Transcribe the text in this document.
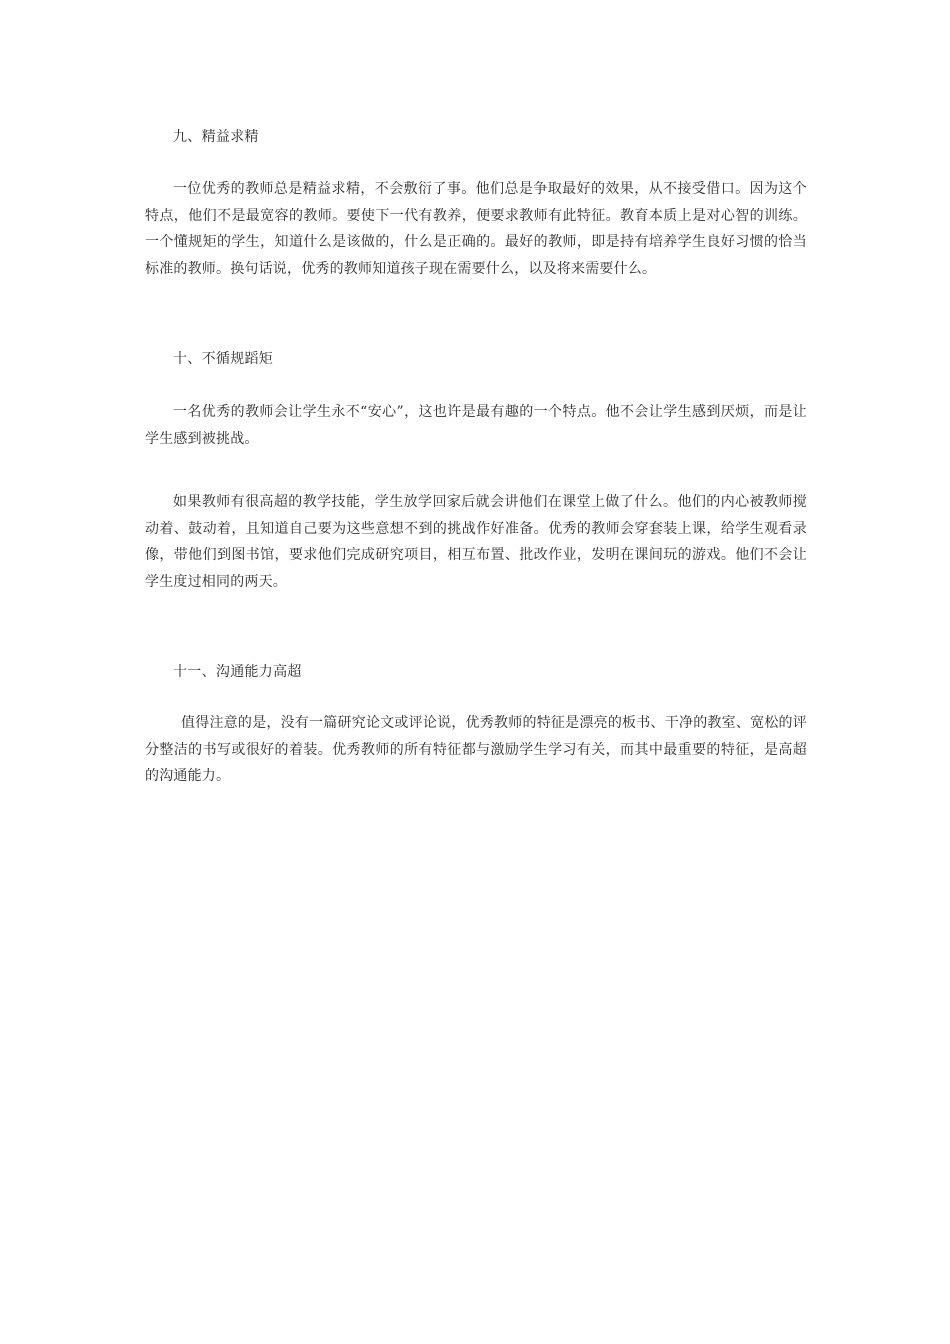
九、精益求精
一位优秀的教师总是精益求精，不会敷衍了事。他们总是争取最好的效果，从不接受借口。因为这个特点，他们不是最宽容的教师。要使下一代有教养，便要求教师有此特征。教育本质上是对心智的训练。一个懂规矩的学生，知道什么是该做的，什么是正确的。最好的教师，即是持有培养学生良好习惯的恰当标准的教师。换句话说，优秀的教师知道孩子现在需要什么，以及将来需要什么。
十、不循规蹈矩
一名优秀的教师会让学生永不“安心”，这也许是最有趣的一个特点。他不会让学生感到厌烦，而是让学生感到被挑战。
如果教师有很高超的教学技能，学生放学回家后就会讲他们在课堂上做了什么。他们的内心被教师搅动着、鼓动着，且知道自己要为这些意想不到的挑战作好准备。优秀的教师会穿套装上课，给学生观看录像，带他们到图书馆，要求他们完成研究项目，相互布置、批改作业，发明在课间玩的游戏。他们不会让学生度过相同的两天。
十一、沟通能力高超
值得注意的是，没有一篇研究论文或评论说，优秀教师的特征是漂亮的板书、干净的教室、宽松的评分整洁的书写或很好的着装。优秀教师的所有特征都与激励学生学习有关，而其中最重要的特征，是高超的沟通能力。
